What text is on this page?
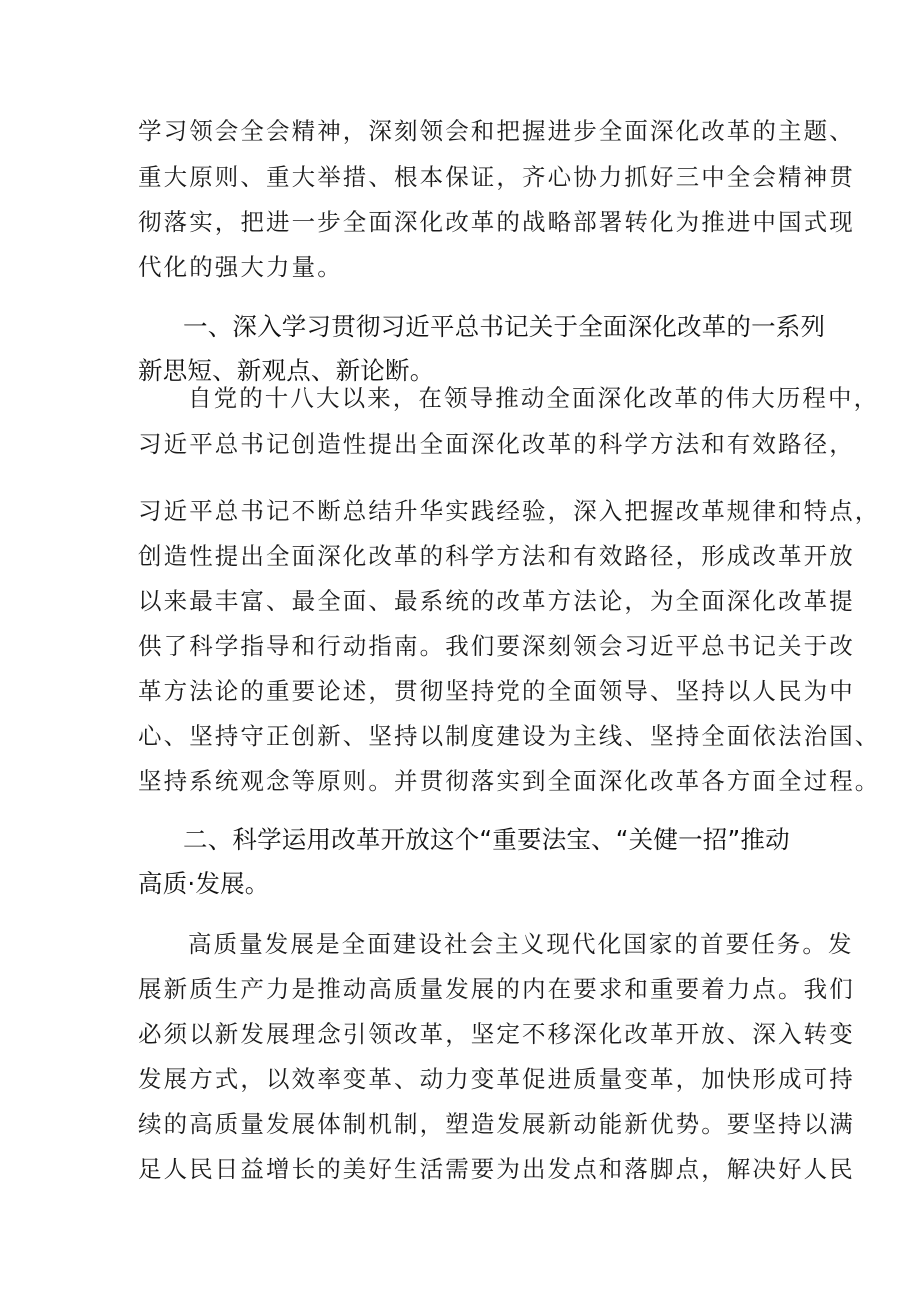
学习领会全会精神，深刻领会和把握进步全面深化改革的主题、
重大原则、重大举措、根本保证，齐心协力抓好三中全会精神贯
彻落实，把进一步全面深化改革的战略部署转化为推进中国式现
代化的强大力量。
一、深入学习贯彻习近平总书记关于全面深化改革的一系列
新思短、新观点、新论断。
自党的十八大以来，在领导推动全面深化改革的伟大历程中，
习近平总书记创造性提出全面深化改革的科学方法和有效路径，
习近平总书记不断总结升华实践经验，深入把握改革规律和特点，
创造性提出全面深化改革的科学方法和有效路径，形成改革开放
以来最丰富、最全面、最系统的改革方法论，为全面深化改革提
供了科学指导和行动指南。我们要深刻领会习近平总书记关于改
革方法论的重要论述，贯彻坚持党的全面领导、坚持以人民为中
心、坚持守正创新、坚持以制度建设为主线、坚持全面依法治国、
坚持系统观念等原则。并贯彻落实到全面深化改革各方面全过程。
二、科学运用改革开放这个“重要法宝、“关健一招”推动
高质·发展。
高质量发展是全面建设社会主义现代化国家的首要任务。发
展新质生产力是推动高质量发展的内在要求和重要着力点。我们
必须以新发展理念引领改革，坚定不移深化改革开放、深入转变
发展方式，以效率变革、动力变革促进质量变革，加快形成可持
续的高质量发展体制机制，塑造发展新动能新优势。要坚持以满
足人民日益增长的美好生活需要为出发点和落脚点，解决好人民
